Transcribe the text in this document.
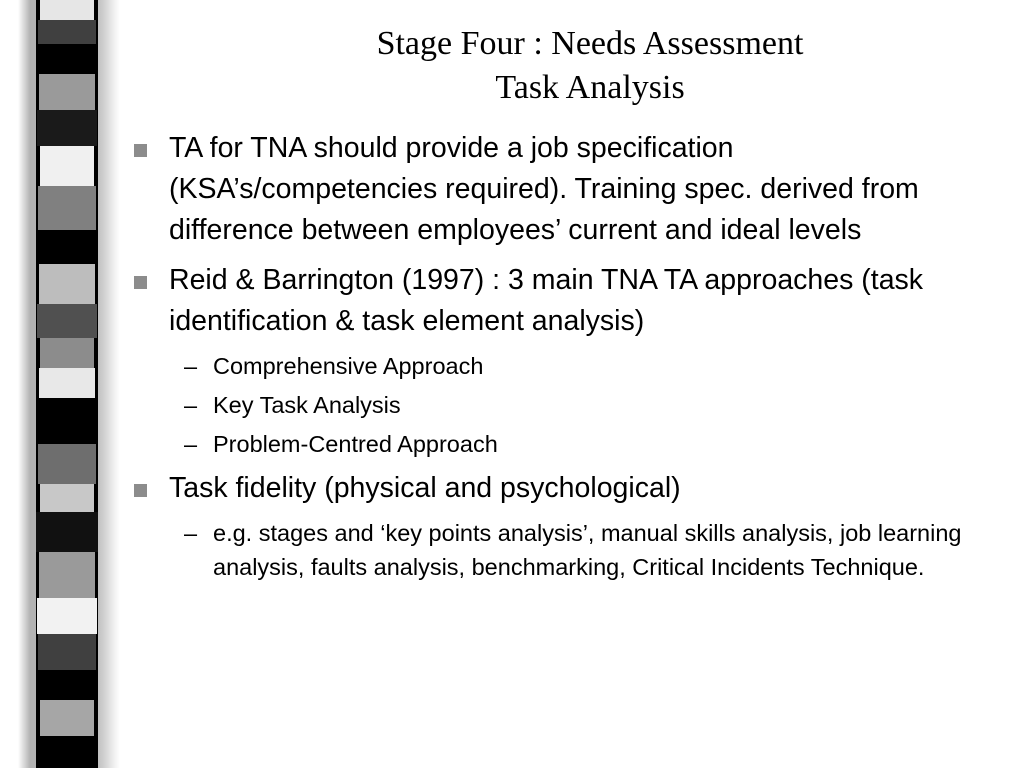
Stage Four : Needs Assessment
Task Analysis
TA for TNA should provide a job specification (KSA’s/competencies required). Training spec. derived from difference between employees’ current and ideal levels
Reid & Barrington (1997) : 3 main TNA TA approaches (task identification & task element analysis)
– Comprehensive Approach
– Key Task Analysis
– Problem-Centred Approach
Task fidelity (physical and psychological)
– e.g. stages and ‘key points analysis’, manual skills analysis, job learning analysis, faults analysis, benchmarking, Critical Incidents Technique.
